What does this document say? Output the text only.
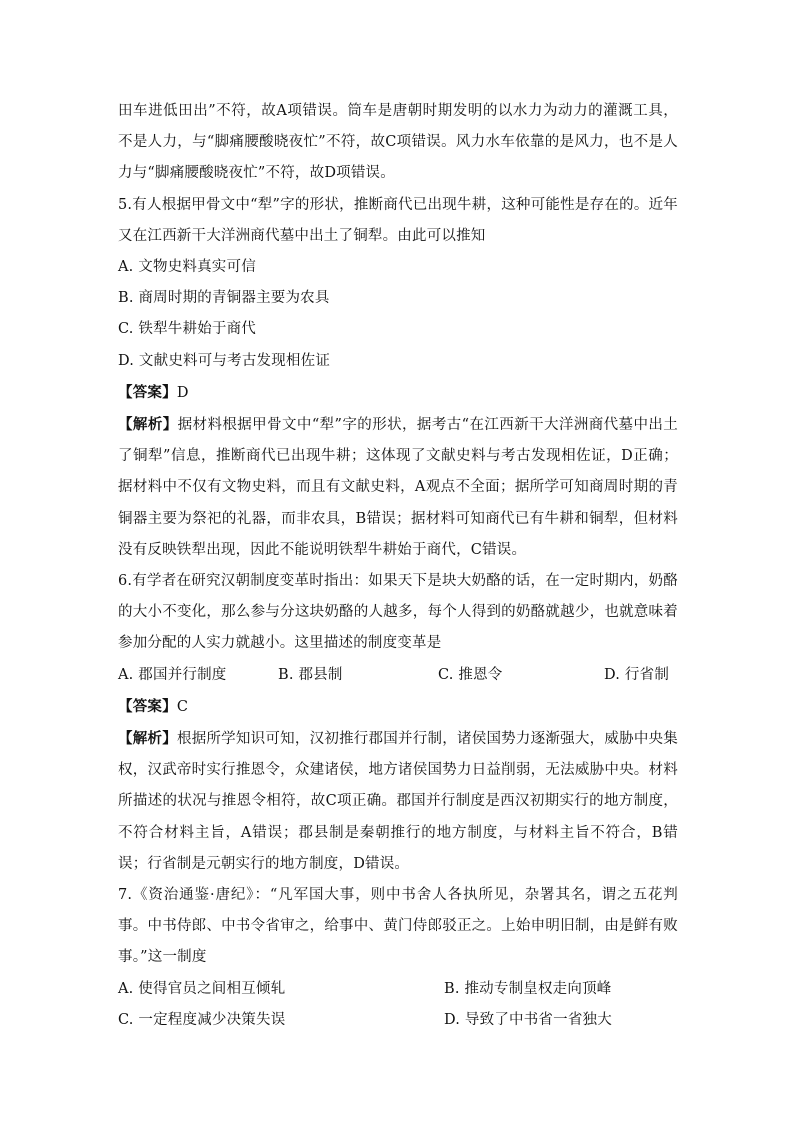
田车进低田出”不符，故A项错误。筒车是唐朝时期发明的以水力为动力的灌溉工具，不是人力，与“脚痛腰酸晓夜忙”不符，故C项错误。风力水车依靠的是风力，也不是人力与“脚痛腰酸晓夜忙”不符，故D项错误。

5.有人根据甲骨文中“犁”字的形状，推断商代已出现牛耕，这种可能性是存在的。近年又在江西新干大洋洲商代墓中出土了铜犁。由此可以推知

A. 文物史料真实可信

B. 商周时期的青铜器主要为农具

C. 铁犁牛耕始于商代

D. 文献史料可与考古发现相佐证

【答案】D

【解析】据材料根据甲骨文中“犁”字的形状，据考古“在江西新干大洋洲商代墓中出土了铜犁”信息，推断商代已出现牛耕；这体现了文献史料与考古发现相佐证，D正确；据材料中不仅有文物史料，而且有文献史料，A观点不全面；据所学可知商周时期的青铜器主要为祭祀的礼器，而非农具，B错误；据材料可知商代已有牛耕和铜犁，但材料没有反映铁犁出现，因此不能说明铁犁牛耕始于商代，C错误。

6.有学者在研究汉朝制度变革时指出：如果天下是块大奶酪的话，在一定时期内，奶酪的大小不变化，那么参与分这块奶酪的人越多，每个人得到的奶酪就越少，也就意味着参加分配的人实力就越小。这里描述的制度变革是

A. 郡国并行制度	B. 郡县制	C. 推恩令	D. 行省制

【答案】C

【解析】根据所学知识可知，汉初推行郡国并行制，诸侯国势力逐渐强大，威胁中央集权，汉武帝时实行推恩令，众建诸侯，地方诸侯国势力日益削弱，无法威胁中央。材料所描述的状况与推恩令相符，故C项正确。郡国并行制度是西汉初期实行的地方制度，不符合材料主旨，A错误；郡县制是秦朝推行的地方制度，与材料主旨不符合，B错误；行省制是元朝实行的地方制度，D错误。

7.《资治通鉴·唐纪》：“凡军国大事，则中书舍人各执所见，杂署其名，谓之五花判事。中书侍郎、中书令省审之，给事中、黄门侍郎驳正之。上始申明旧制，由是鲜有败事。”这一制度

A. 使得官员之间相互倾轧	B. 推动专制皇权走向顶峰

C. 一定程度减少决策失误	D. 导致了中书省一省独大
